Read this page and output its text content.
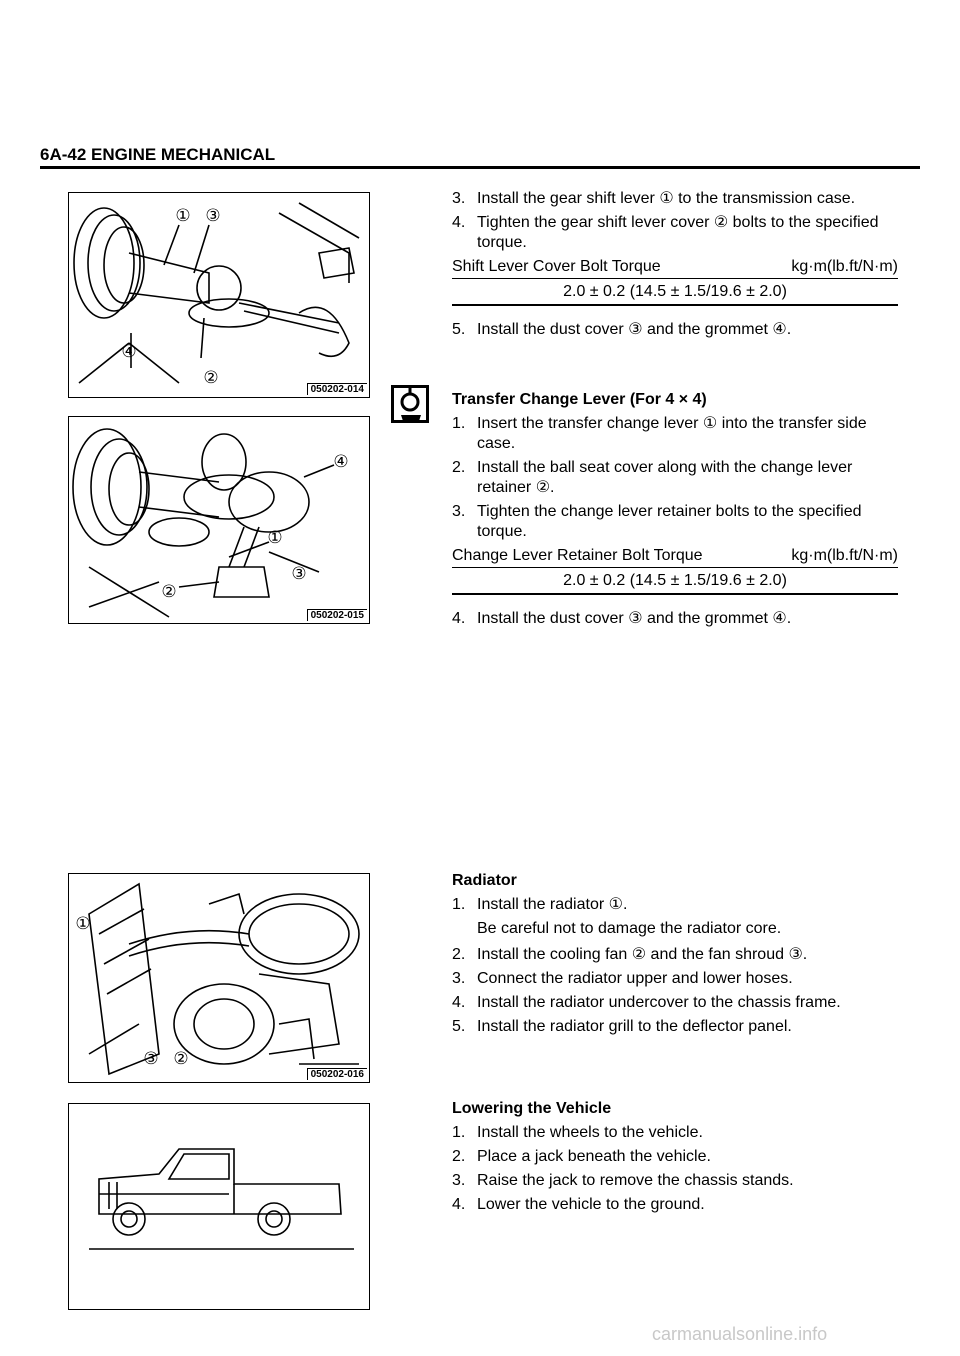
6A-42 ENGINE MECHANICAL
① ③
④
②
050202-014
④
①
③
②
050202-015
①
③ ②
050202-016
3. Install the gear shift lever ① to the transmission case.
4. Tighten the gear shift lever cover ② bolts to the specified torque.
Shift Lever Cover Bolt Torque	kg·m(lb.ft/N·m)
2.0 ± 0.2 (14.5 ± 1.5/19.6 ± 2.0)
5. Install the dust cover ③ and the grommet ④.
Transfer Change Lever (For 4 × 4)
1. Insert the transfer change lever ① into the transfer side case.
2. Install the ball seat cover along with the change lever retainer ②.
3. Tighten the change lever retainer bolts to the specified torque.
Change Lever Retainer Bolt Torque	kg·m(lb.ft/N·m)
2.0 ± 0.2 (14.5 ± 1.5/19.6 ± 2.0)
4. Install the dust cover ③ and the grommet ④.
Radiator
1. Install the radiator ①.
Be careful not to damage the radiator core.
2. Install the cooling fan ② and the fan shroud ③.
3. Connect the radiator upper and lower hoses.
4. Install the radiator undercover to the chassis frame.
5. Install the radiator grill to the deflector panel.
Lowering the Vehicle
1. Install the wheels to the vehicle.
2. Place a jack beneath the vehicle.
3. Raise the jack to remove the chassis stands.
4. Lower the vehicle to the ground.
carmanualsonline.info
